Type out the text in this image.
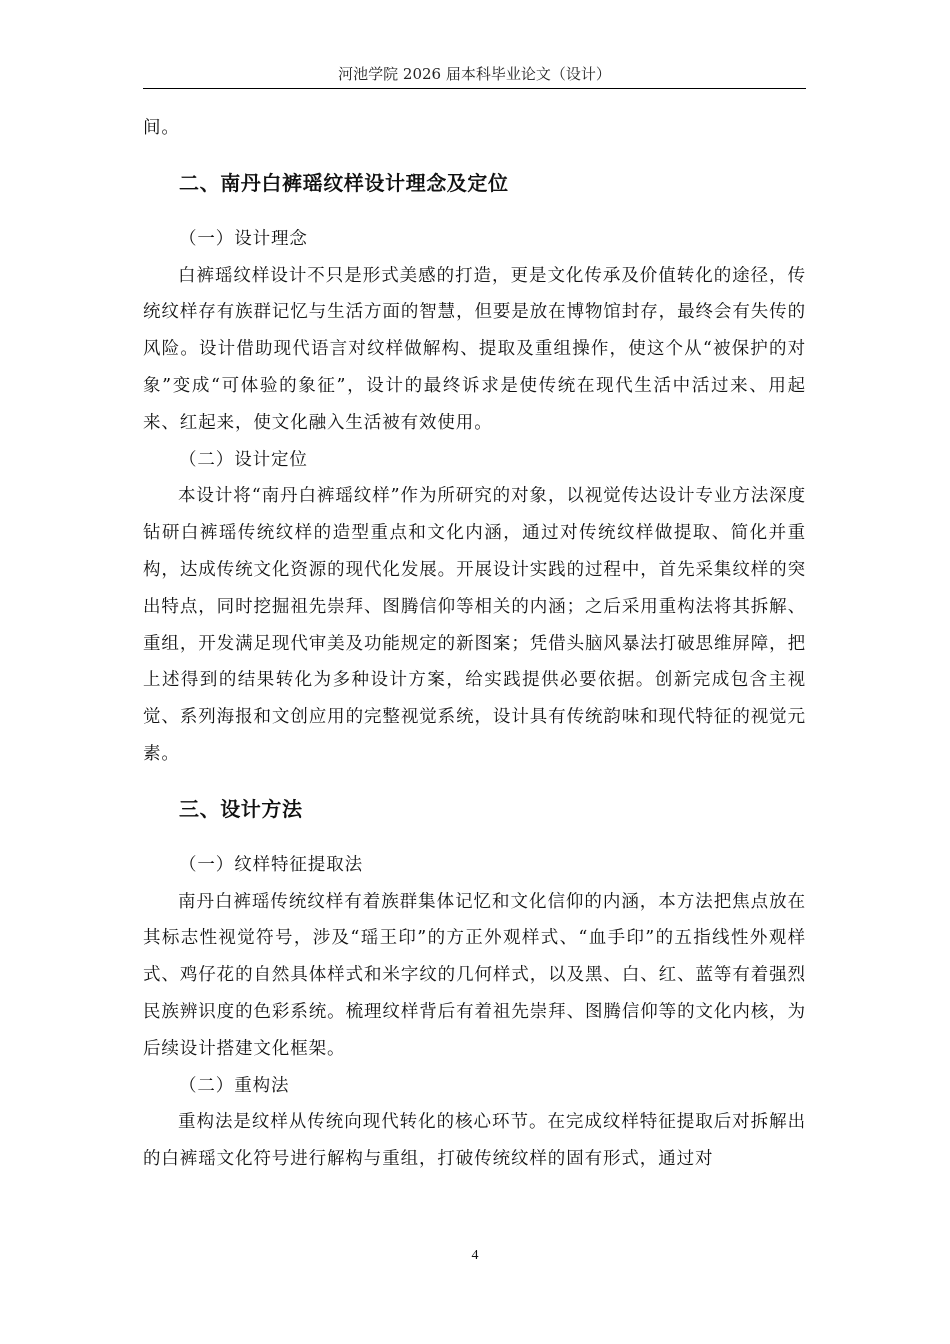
河池学院 2026 届本科毕业论文（设计）

间。

二、南丹白裤瑶纹样设计理念及定位

（一）设计理念

白裤瑶纹样设计不只是形式美感的打造，更是文化传承及价值转化的途径，传统纹样存有族群记忆与生活方面的智慧，但要是放在博物馆封存，最终会有失传的风险。设计借助现代语言对纹样做解构、提取及重组操作，使这个从“被保护的对象”变成“可体验的象征”，设计的最终诉求是使传统在现代生活中活过来、用起来、红起来，使文化融入生活被有效使用。

（二）设计定位

本设计将“南丹白裤瑶纹样”作为所研究的对象，以视觉传达设计专业方法深度钻研白裤瑶传统纹样的造型重点和文化内涵，通过对传统纹样做提取、简化并重构，达成传统文化资源的现代化发展。开展设计实践的过程中，首先采集纹样的突出特点，同时挖掘祖先崇拜、图腾信仰等相关的内涵；之后采用重构法将其拆解、重组，开发满足现代审美及功能规定的新图案；凭借头脑风暴法打破思维屏障，把上述得到的结果转化为多种设计方案，给实践提供必要依据。创新完成包含主视觉、系列海报和文创应用的完整视觉系统，设计具有传统韵味和现代特征的视觉元素。

三、设计方法

（一）纹样特征提取法

南丹白裤瑶传统纹样有着族群集体记忆和文化信仰的内涵，本方法把焦点放在其标志性视觉符号，涉及“瑶王印”的方正外观样式、“血手印”的五指线性外观样式、鸡仔花的自然具体样式和米字纹的几何样式，以及黑、白、红、蓝等有着强烈民族辨识度的色彩系统。梳理纹样背后有着祖先崇拜、图腾信仰等的文化内核，为后续设计搭建文化框架。

（二）重构法

重构法是纹样从传统向现代转化的核心环节。在完成纹样特征提取后对拆解出的白裤瑶文化符号进行解构与重组，打破传统纹样的固有形式，通过对

4
